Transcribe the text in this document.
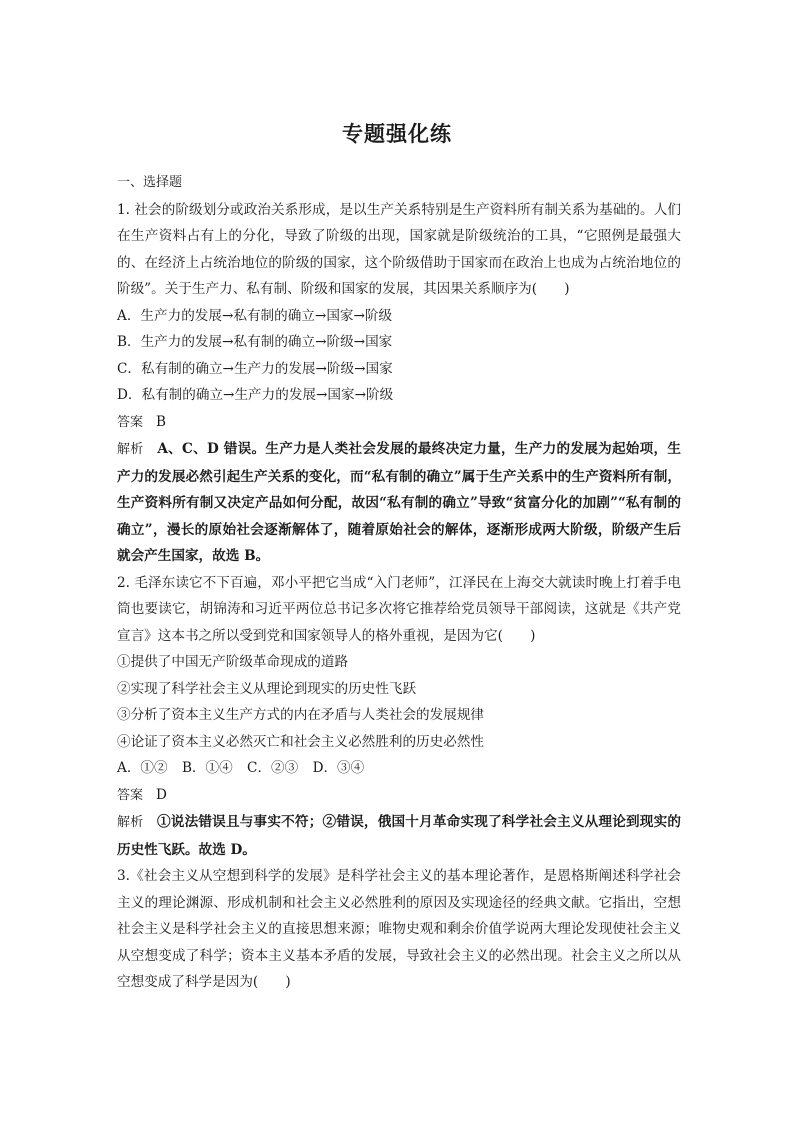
专题强化练

一、选择题

1. 社会的阶级划分或政治关系形成，是以生产关系特别是生产资料所有制关系为基础的。人们在生产资料占有上的分化，导致了阶级的出现，国家就是阶级统治的工具，“它照例是最强大的、在经济上占统治地位的阶级的国家，这个阶级借助于国家而在政治上也成为占统治地位的阶级”。关于生产力、私有制、阶级和国家的发展，其因果关系顺序为(　　)

A．生产力的发展→私有制的确立→国家→阶级

B．生产力的发展→私有制的确立→阶级→国家

C．私有制的确立→生产力的发展→阶级→国家

D．私有制的确立→生产力的发展→国家→阶级

答案 B

解析 A、C、D 错误。生产力是人类社会发展的最终决定力量，生产力的发展为起始项，生产力的发展必然引起生产关系的变化，而“私有制的确立”属于生产关系中的生产资料所有制，生产资料所有制又决定产品如何分配，故因“私有制的确立”导致“贫富分化的加剧”“私有制的确立”，漫长的原始社会逐渐解体了，随着原始社会的解体，逐渐形成两大阶级，阶级产生后就会产生国家，故选 B。

2. 毛泽东读它不下百遍，邓小平把它当成“入门老师”，江泽民在上海交大就读时晚上打着手电筒也要读它，胡锦涛和习近平两位总书记多次将它推荐给党员领导干部阅读，这就是《共产党宣言》这本书之所以受到党和国家领导人的格外重视，是因为它(　　)

①提供了中国无产阶级革命现成的道路

②实现了科学社会主义从理论到现实的历史性飞跃

③分析了资本主义生产方式的内在矛盾与人类社会的发展规律

④论证了资本主义必然灭亡和社会主义必然胜利的历史必然性

A．①② B．①④ C．②③ D．③④

答案 D

解析 ①说法错误且与事实不符；②错误，俄国十月革命实现了科学社会主义从理论到现实的历史性飞跃。故选 D。

3.《社会主义从空想到科学的发展》是科学社会主义的基本理论著作，是恩格斯阐述科学社会主义的理论渊源、形成机制和社会主义必然胜利的原因及实现途径的经典文献。它指出，空想社会主义是科学社会主义的直接思想来源；唯物史观和剩余价值学说两大理论发现使社会主义从空想变成了科学；资本主义基本矛盾的发展，导致社会主义的必然出现。社会主义之所以从空想变成了科学是因为(　　)
